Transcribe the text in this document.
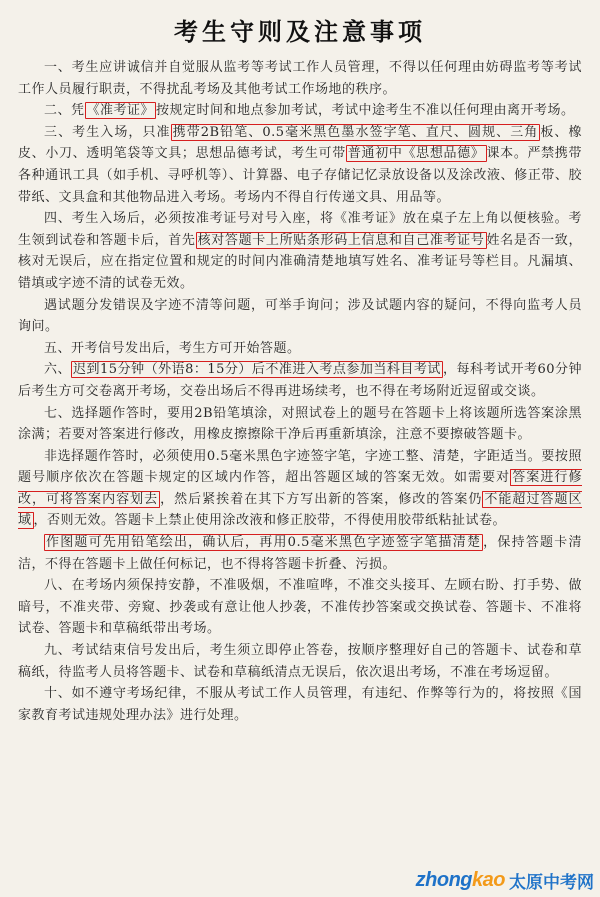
考生守则及注意事项

一、考生应讲诚信并自觉服从监考等考试工作人员管理，不得以任何理由妨碍监考等考试工作人员履行职责，不得扰乱考场及其他考试工作场地的秩序。

二、凭 《准考证》 按规定时间和地点参加考试，考试中途考生不准以任何理由离开考场。

三、考生入场，只准 携带2B铅笔、0.5毫米黑色墨水签字笔、直尺、圆规、三角 板、橡皮、小刀、透明笔袋等文具；思想品德考试，考生可带 普通初中《思想品德》 课本。严禁携带各种通讯工具（如手机、寻呼机等）、计算器、电子存储记忆录放设备以及涂改液、修正带、胶带纸、文具盒和其他物品进入考场。考场内不得自行传递文具、用品等。

四、考生入场后，必须按准考证号对号入座，将《准考证》放在桌子左上角以便核验。考生领到试卷和答题卡后，首先 核对答题卡上所贴条形码上信息和自己准考证号 姓名是否一致，核对无误后，应在指定位置和规定的时间内准确清楚地填写姓名、准考证号等栏目。凡漏填、错填或字迹不清的试卷无效。

遇试题分发错误及字迹不清等问题，可举手询问；涉及试题内容的疑问，不得向监考人员询问。

五、开考信号发出后，考生方可开始答题。

六、 迟到15分钟（外语8：15分）后不准进入考点参加当科目考试 ，每科考试开考60分钟后考生方可交卷离开考场，交卷出场后不得再进场续考，也不得在考场附近逗留或交谈。

七、选择题作答时，要用2B铅笔填涂，对照试卷上的题号在答题卡上将该题所选答案涂黑涂满；若要对答案进行修改，用橡皮擦擦除干净后再重新填涂，注意不要擦破答题卡。

非选择题作答时，必须使用0.5毫米黑色字迹签字笔，字迹工整、清楚，字距适当。要按照题号顺序依次在答题卡规定的区域内作答，超出答题区域的答案无效。如需要对 答案进行修改，可将答案内容划去 ，然后紧挨着在其下方写出新的答案，修改的答案仍 不能超过答题区域 ，否则无效。答题卡上禁止使用涂改液和修正胶带，不得使用胶带纸粘扯试卷。

作图题可先用铅笔绘出，确认后，再用0.5毫米黑色字迹签字笔描清楚 ，保持答题卡清洁，不得在答题卡上做任何标记，也不得将答题卡折叠、污损。

八、在考场内须保持安静，不准吸烟，不准喧哗，不准交头接耳、左顾右盼、打手势、做暗号，不准夹带、旁窥、抄袭或有意让他人抄袭，不准传抄答案或交换试卷、答题卡、不准将试卷、答题卡和草稿纸带出考场。

九、考试结束信号发出后，考生须立即停止答卷，按顺序整理好自己的答题卡、试卷和草稿纸，待监考人员将答题卡、试卷和草稿纸清点无误后，依次退出考场，不准在考场逗留。

十、如不遵守考场纪律，不服从考试工作人员管理，有违纪、作弊等行为的，将按照《国家教育考试违规处理办法》进行处理。

zhong kao 太原中考网
